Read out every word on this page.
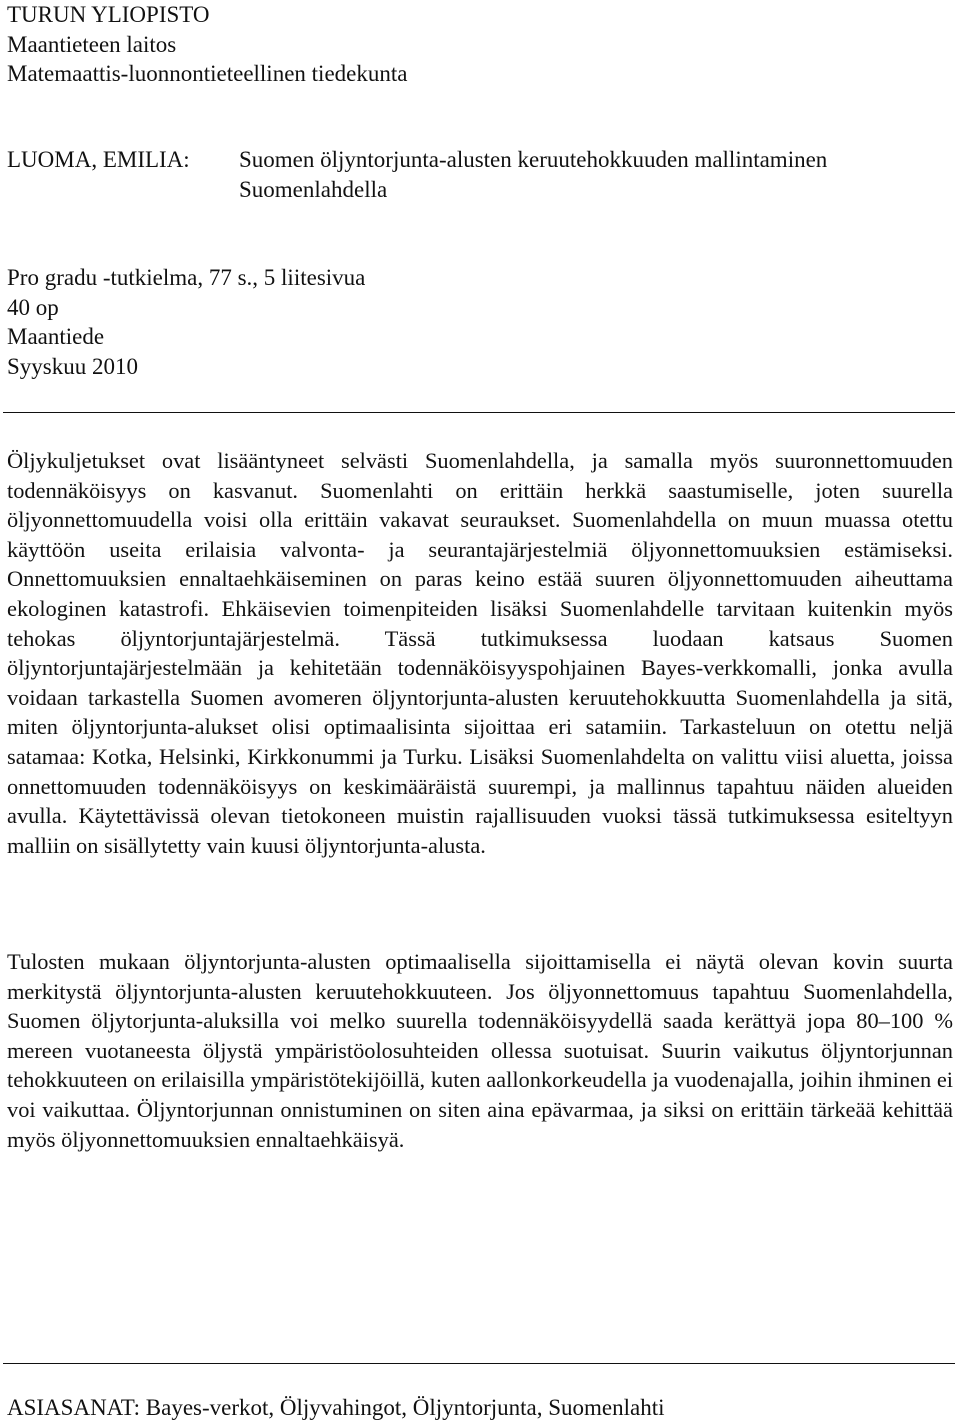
TURUN YLIOPISTO
Maantieteen laitos
Matemaattis-luonnontieteellinen tiedekunta
LUOMA, EMILIA: Suomen öljyntorjunta-alusten keruutehokkuuden mallintaminen
Suomenlahdella
Pro gradu -tutkielma, 77 s., 5 liitesivua
40 op
Maantiede
Syyskuu 2010

Öljykuljetukset ovat lisääntyneet selvästi Suomenlahdella, ja samalla myös suuronnettomuuden todennäköisyys on kasvanut. Suomenlahti on erittäin herkkä saastumiselle, joten suurella öljyonnettomuudella voisi olla erittäin vakavat seuraukset. Suomenlahdella on muun muassa otettu käyttöön useita erilaisia valvonta- ja seurantajärjestelmiä öljyonnettomuuksien estämiseksi. Onnettomuuksien ennaltaehkäiseminen on paras keino estää suuren öljyonnettomuuden aiheuttama ekologinen katastrofi. Ehkäisevien toimenpiteiden lisäksi Suomenlahdelle tarvitaan kuitenkin myös tehokas öljyntorjuntajärjestelmä. Tässä tutkimuksessa luodaan katsaus Suomen öljyntorjuntajärjestelmään ja kehitetään todennäköisyyspohjainen Bayes-verkkomalli, jonka avulla voidaan tarkastella Suomen avomeren öljyntorjunta-alusten keruutehokkuutta Suomenlahdella ja sitä, miten öljyntorjunta-alukset olisi optimaalisinta sijoittaa eri satamiin. Tarkasteluun on otettu neljä satamaa: Kotka, Helsinki, Kirkkonummi ja Turku. Lisäksi Suomenlahdelta on valittu viisi aluetta, joissa onnettomuuden todennäköisyys on keskimääräistä suurempi, ja mallinnus tapahtuu näiden alueiden avulla. Käytettävissä olevan tietokoneen muistin rajallisuuden vuoksi tässä tutkimuksessa esiteltyyn malliin on sisällytetty vain kuusi öljyntorjunta-alusta.

Tulosten mukaan öljyntorjunta-alusten optimaalisella sijoittamisella ei näytä olevan kovin suurta merkitystä öljyntorjunta-alusten keruutehokkuuteen. Jos öljyonnettomuus tapahtuu Suomenlahdella, Suomen öljytorjunta-aluksilla voi melko suurella todennäköisyydellä saada kerättyä jopa 80–100 % mereen vuotaneesta öljystä ympäristöolosuhteiden ollessa suotuisat. Suurin vaikutus öljyntorjunnan tehokkuuteen on erilaisilla ympäristötekijöillä, kuten aallonkorkeudella ja vuodenajalla, joihin ihminen ei voi vaikuttaa. Öljyntorjunnan onnistuminen on siten aina epävarmaa, ja siksi on erittäin tärkeää kehittää myös öljyonnettomuuksien ennaltaehkäisyä.

ASIASANAT: Bayes-verkot, Öljyvahingot, Öljyntorjunta, Suomenlahti
